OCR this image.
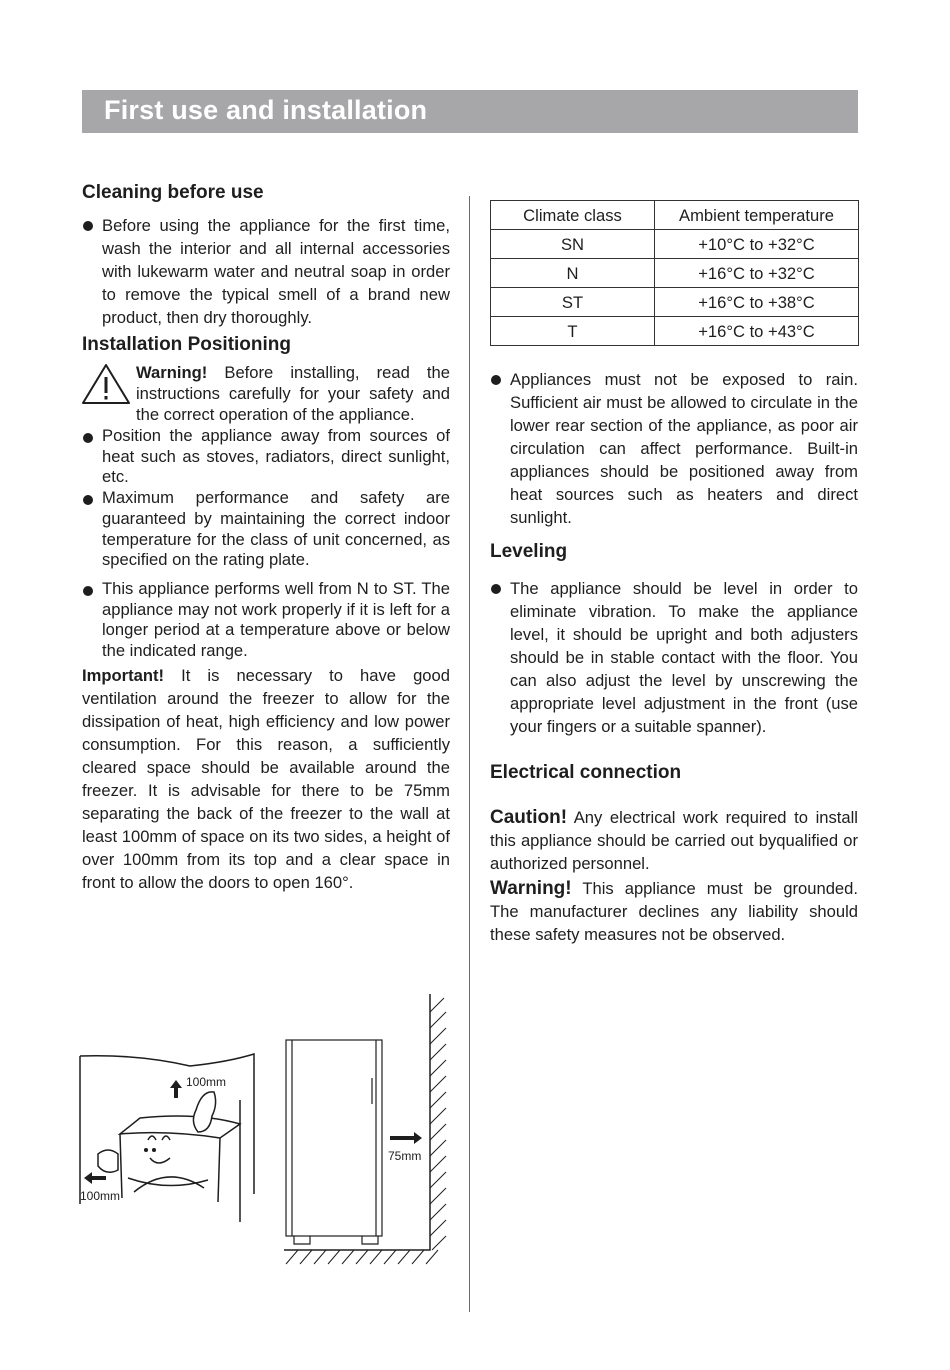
First use and installation
Cleaning before use
Before using the appliance for the first time, wash the interior and all internal accessories with lukewarm water and neutral soap in order to remove the typical smell of a brand new product, then dry thoroughly.
Installation Positioning

Warning! Before installing, read the instructions carefully for your safety and the correct operation of the appliance.

Position the appliance away from sources of heat such as stoves, radiators, direct sunlight, etc.
Maximum performance and safety are guaranteed by maintaining the correct indoor temperature for the class of unit concerned, as specified on the rating plate.
This appliance performs well from N to ST. The appliance may not work properly if it is left for a longer period at a temperature above or below the indicated range.

Important! It is necessary to have good ventilation around the freezer to allow for the dissipation of heat, high efficiency and low power consumption. For this reason, a sufficiently cleared space should be available around the freezer. It is advisable for there to be 75mm separating the back of the freezer to the wall at least 100mm of space on its two sides, a height of over 100mm from its top and a clear space in front to allow the doors to open 160°.

100mm
100mm
75mm
Climate class	Ambient temperature
SN	+10°C to +32°C
N	+16°C to +32°C
ST	+16°C to +38°C
T	+16°C to +43°C
Appliances must not be exposed to rain. Sufficient air must be allowed to circulate in the lower rear section of the appliance, as poor air circulation can affect performance. Built-in appliances should be positioned away from heat sources such as heaters and direct sunlight.
Leveling
The appliance should be level in order to eliminate vibration. To make the appliance level, it should be upright and both adjusters should be in stable contact with the floor. You can also adjust the level by unscrewing the appropriate level adjustment in the front (use your fingers or a suitable spanner).
Electrical connection

Caution! Any electrical work required to install this appliance should be carried out byqualified or authorized personnel.

Warning! This appliance must be grounded. The manufacturer declines any liability should these safety measures not be observed.
